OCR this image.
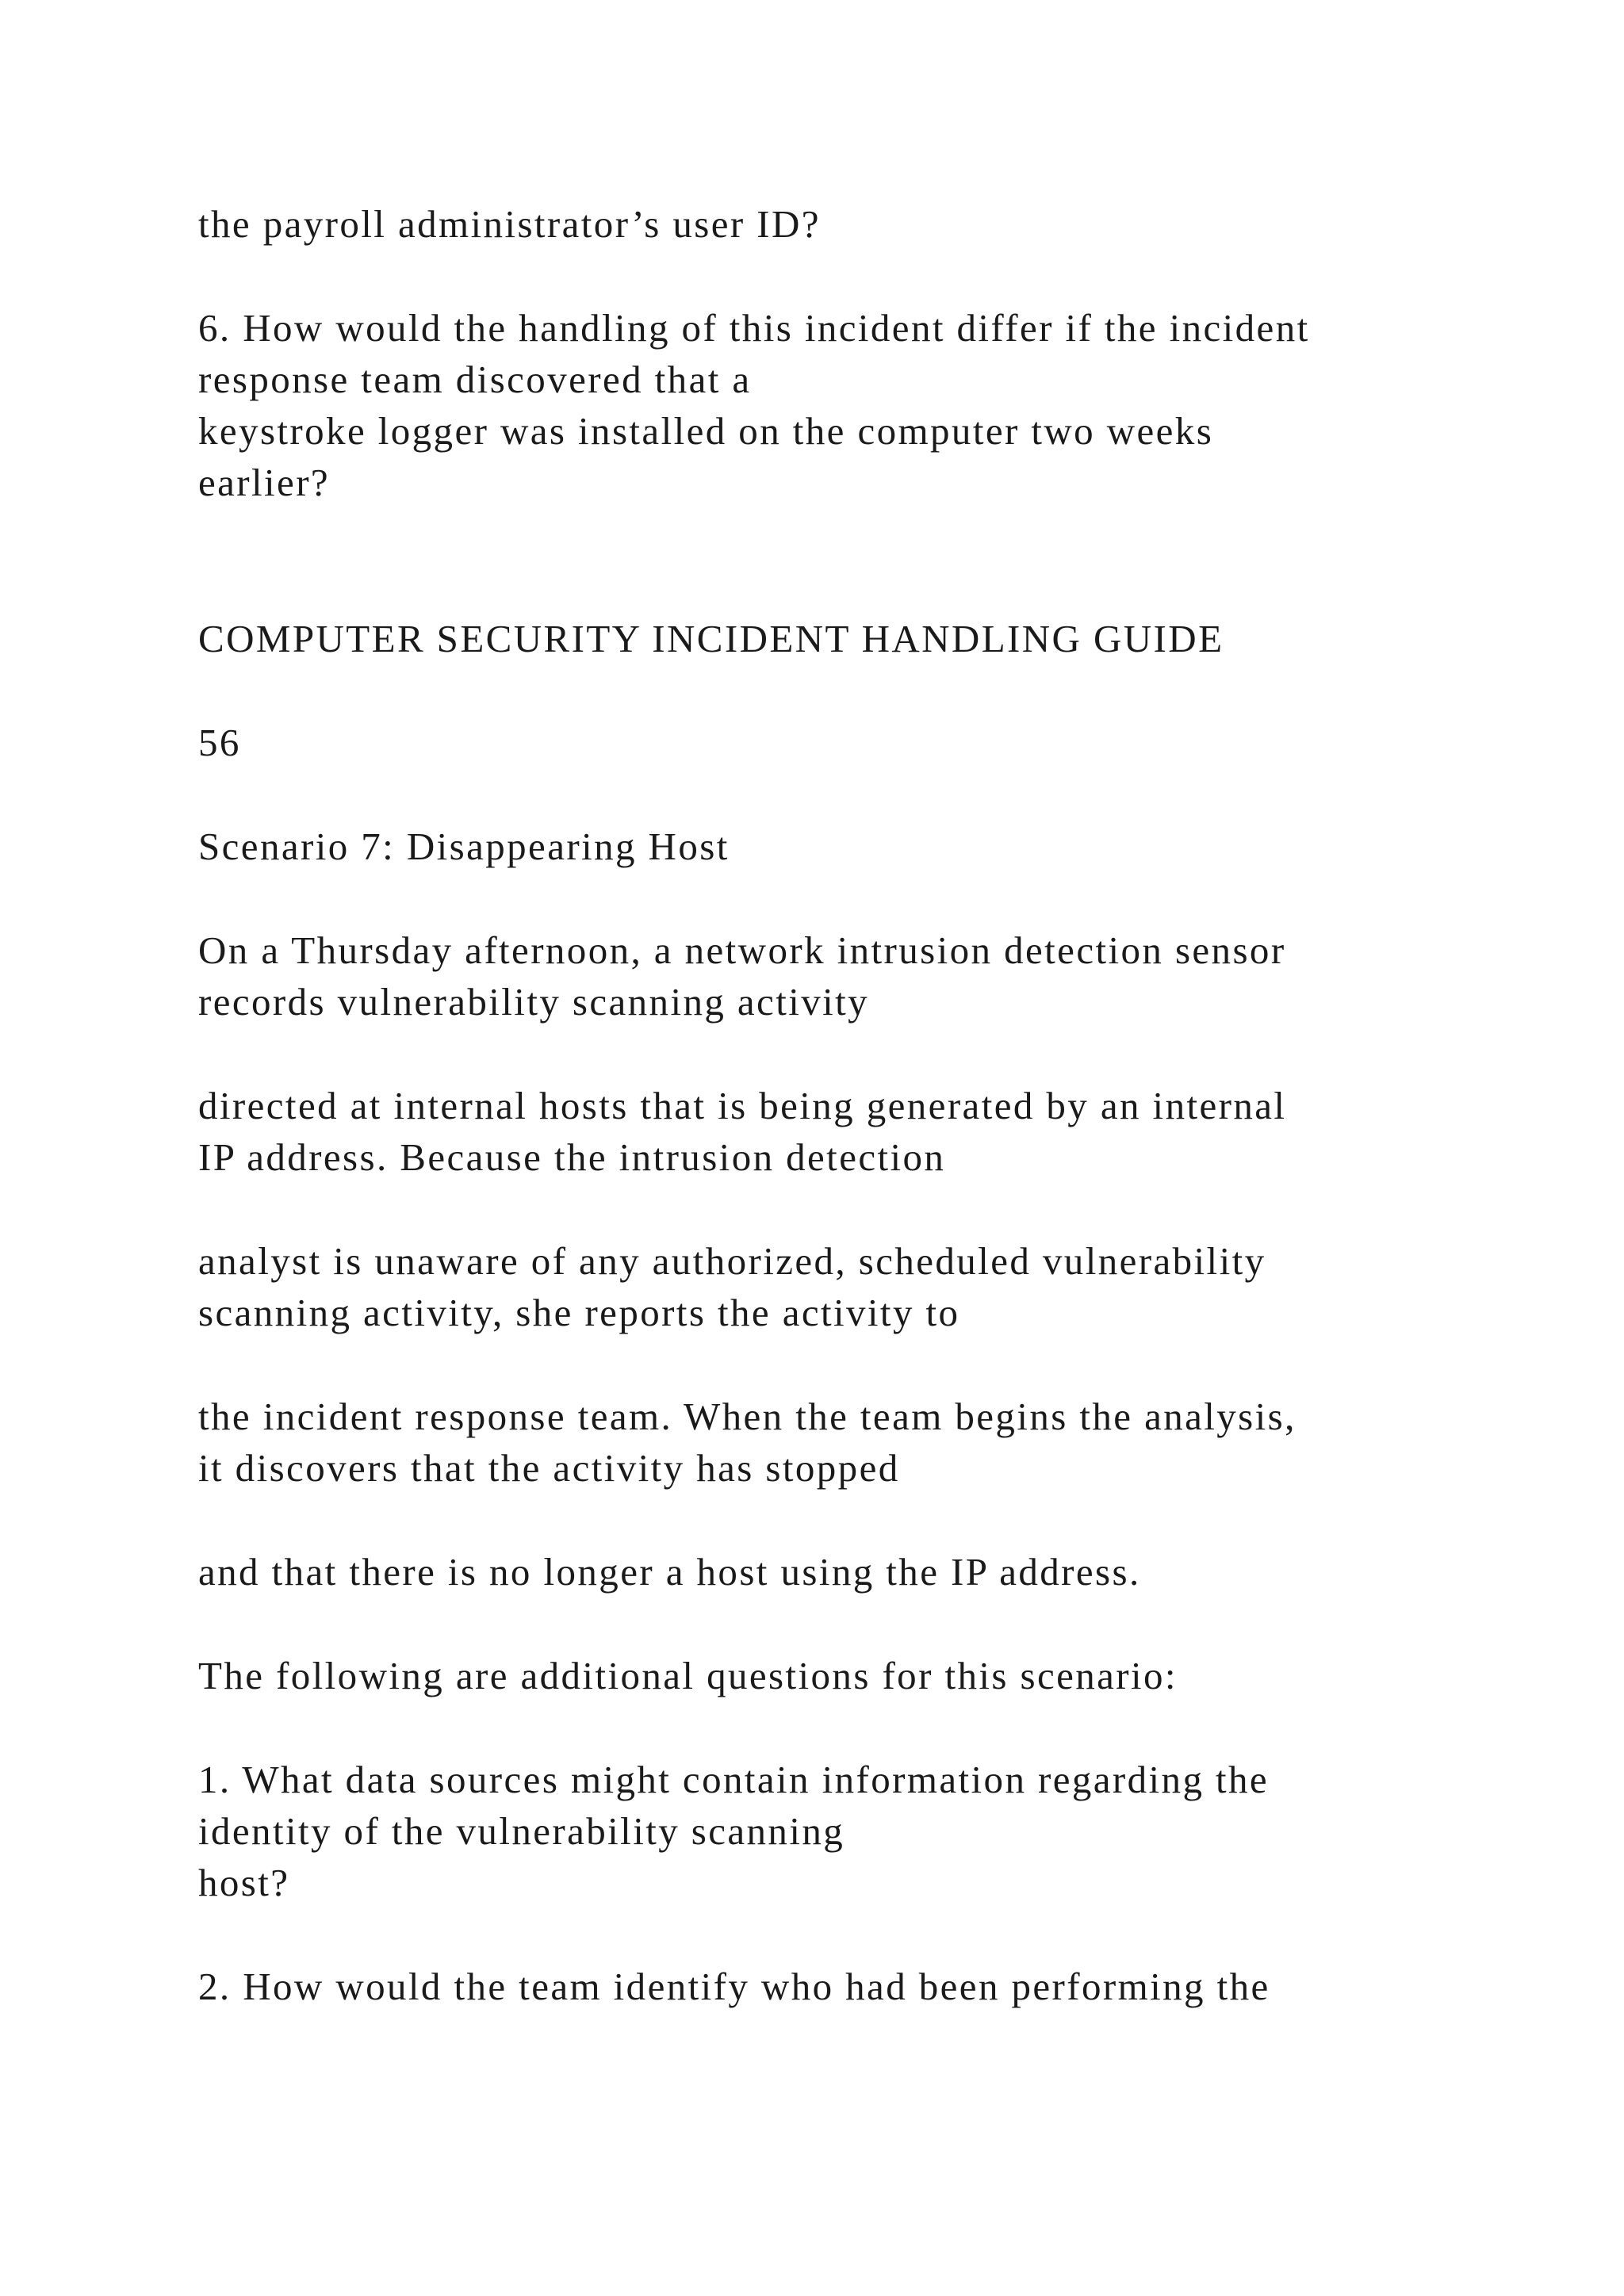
the payroll administrator’s user ID?

6. How would the handling of this incident differ if the incident
response team discovered that a
keystroke logger was installed on the computer two weeks
earlier?

COMPUTER SECURITY INCIDENT HANDLING GUIDE

56

Scenario 7: Disappearing Host

On a Thursday afternoon, a network intrusion detection sensor
records vulnerability scanning activity

directed at internal hosts that is being generated by an internal
IP address. Because the intrusion detection

analyst is unaware of any authorized, scheduled vulnerability
scanning activity, she reports the activity to

the incident response team. When the team begins the analysis,
it discovers that the activity has stopped

and that there is no longer a host using the IP address.

The following are additional questions for this scenario:

1. What data sources might contain information regarding the
identity of the vulnerability scanning
host?

2. How would the team identify who had been performing the
